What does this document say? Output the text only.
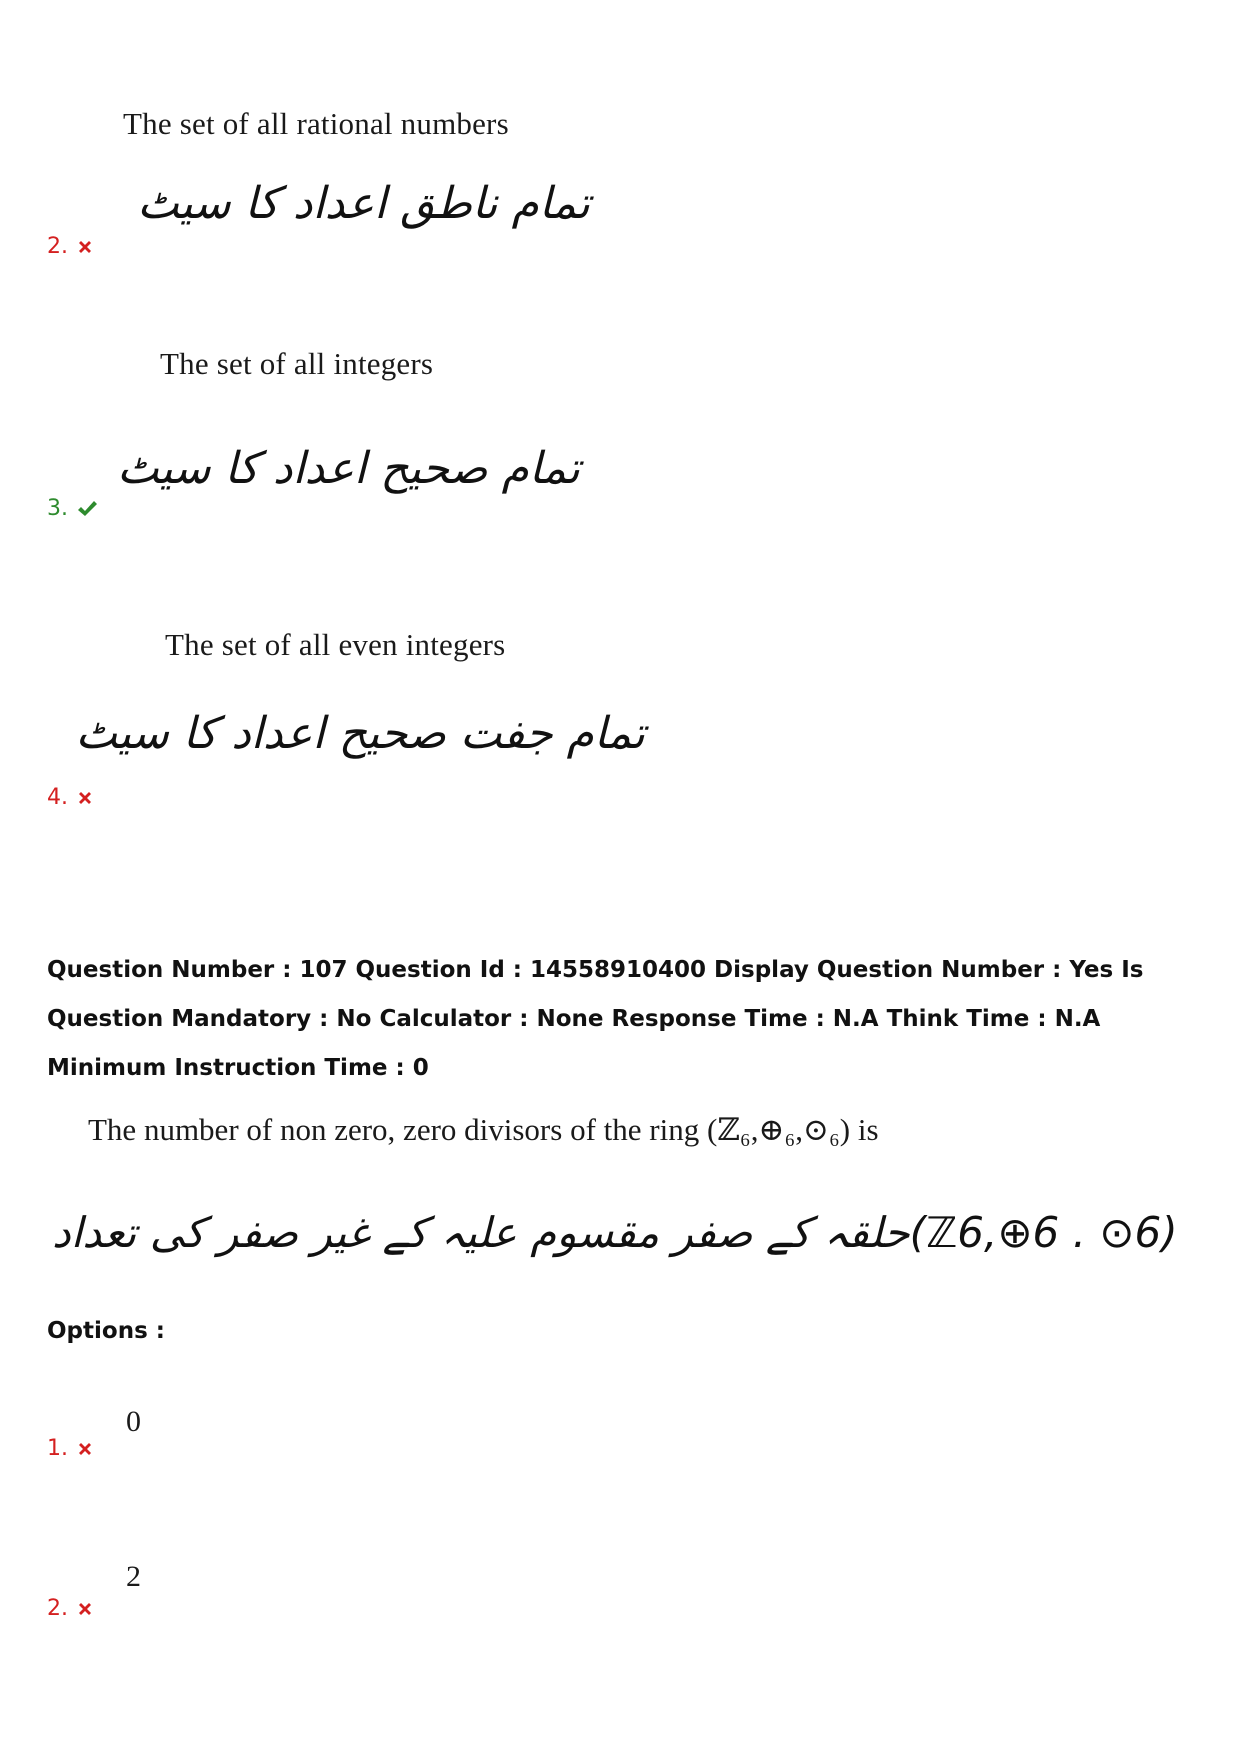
The set of all rational numbers
تمام ناطق اعداد کا سیٹ
2.
The set of all integers
تمام صحیح اعداد کا سیٹ
3.
The set of all even integers
تمام جفت صحیح اعداد کا سیٹ
4.
Question Number : 107 Question Id : 14558910400 Display Question Number : Yes Is Question Mandatory : No Calculator : None Response Time : N.A Think Time : N.A Minimum Instruction Time : 0
The number of non zero, zero divisors of the ring (ℤ₆,⊕₆,⊙₆) is
حلقہ کے صفر مقسوم علیہ کے غیر صفر کی تعداد (ℤ6,⊕6 . ⊙6)
Options :
0
1.
2
2.
